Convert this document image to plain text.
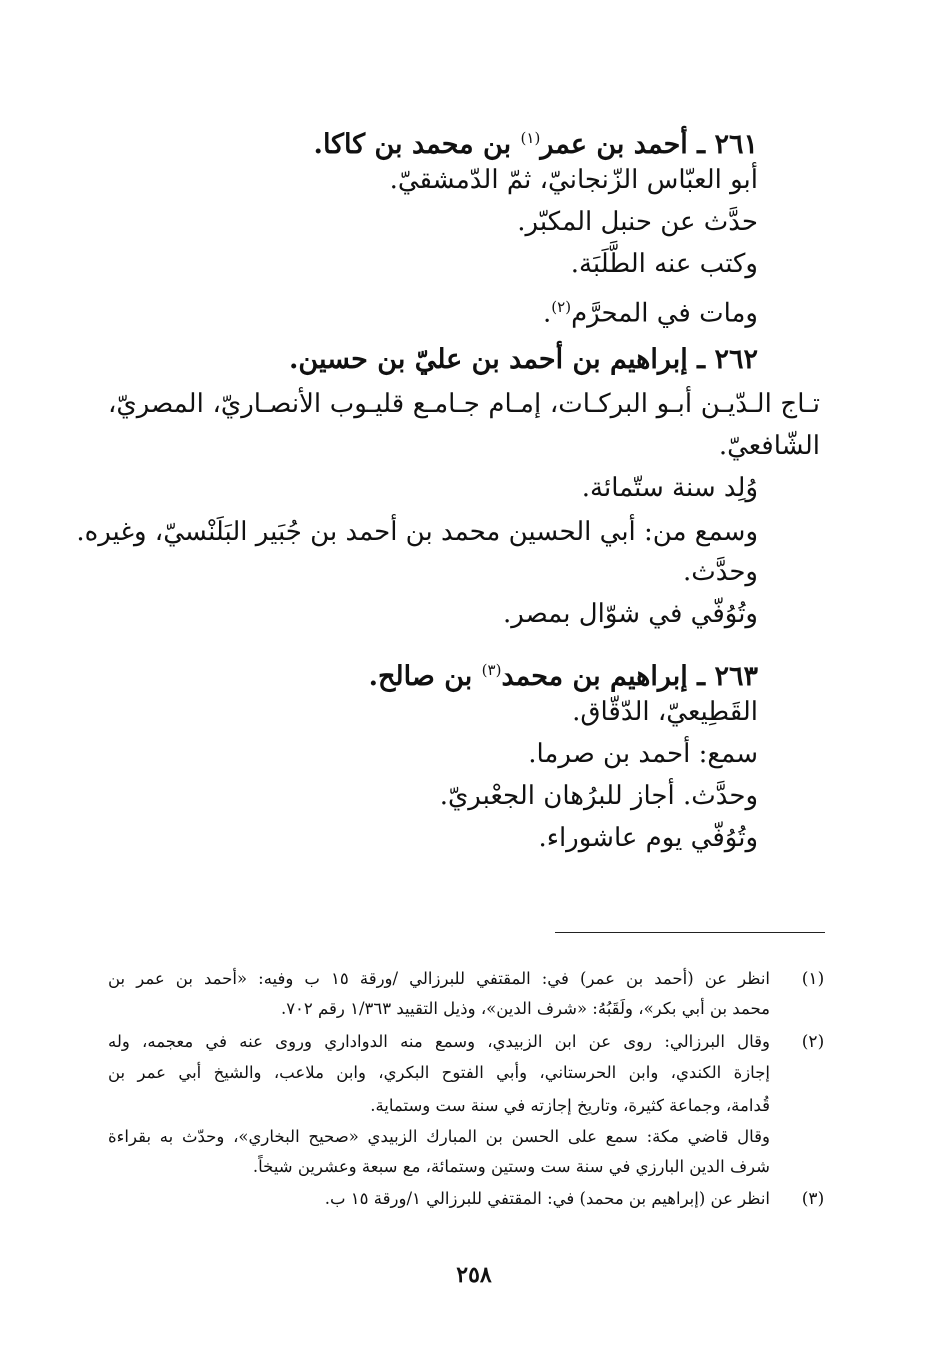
٢٦١ ـ أحمد بن عمر$^{(١)}$ بن محمد بن كاكا.
أبو العبّاس الزّنجانيّ، ثمّ الدّمشقيّ.
حدَّث عن حنبل المكبّر.
وكتب عنه الطَّلَبَة.
ومات في المحرَّم$^{(٢)}$.
٢٦٢ ـ إبراهيم بن أحمد بن عليّ بن حسين.
تـاج الـدّيـن أبـو البركـات، إمـام جـامـع قليـوب الأنصـاريّ، المصريّ،
الشّافعيّ.
وُلِد سنة ستّمائة.
وسمع من: أبي الحسين محمد بن أحمد بن جُبَير البَلَنْسيّ، وغيره.
وحدَّث.
وتُوُفّي في شوّال بمصر.
٢٦٣ ـ إبراهيم بن محمد$^{(٣)}$ بن صالح.
القَطِيعيّ، الدّقّاق.
سمع: أحمد بن صرما.
وحدَّث. أجاز للبرُهان الجعْبريّ.
وتُوُفّي يوم عاشوراء.
(١)
انظر عن (أحمد بن عمر) في: المقتفي للبرزالي /ورقة ١٥ ب وفيه: «أحمد بن عمر بن
محمد بن أبي بكر»، ولَقَبُهُ: «شرف الدين»، وذيل التقييد ١/٣٦٣ رقم ٧٠٢.
(٢)
وقال البرزالي: روى عن ابن الزبيدي، وسمع منه الدواداري وروى عنه في معجمه، وله
إجازة الكندي، وابن الحرستاني، وأبي الفتوح البكري، وابن ملاعب، والشيخ أبي عمر بن
قُدامة، وجماعة كثيرة، وتاريخ إجازته في سنة ست وستماية.
وقال قاضي مكة: سمع على الحسن بن المبارك الزبيدي «صحيح البخاري»، وحدّث به بقراءة
شرف الدين البارزي في سنة ست وستين وستمائة، مع سبعة وعشرين شيخاً.
(٣)
انظر عن (إبراهيم بن محمد) في: المقتفي للبرزالي ١/ورقة ١٥ ب.
٢٥٨
